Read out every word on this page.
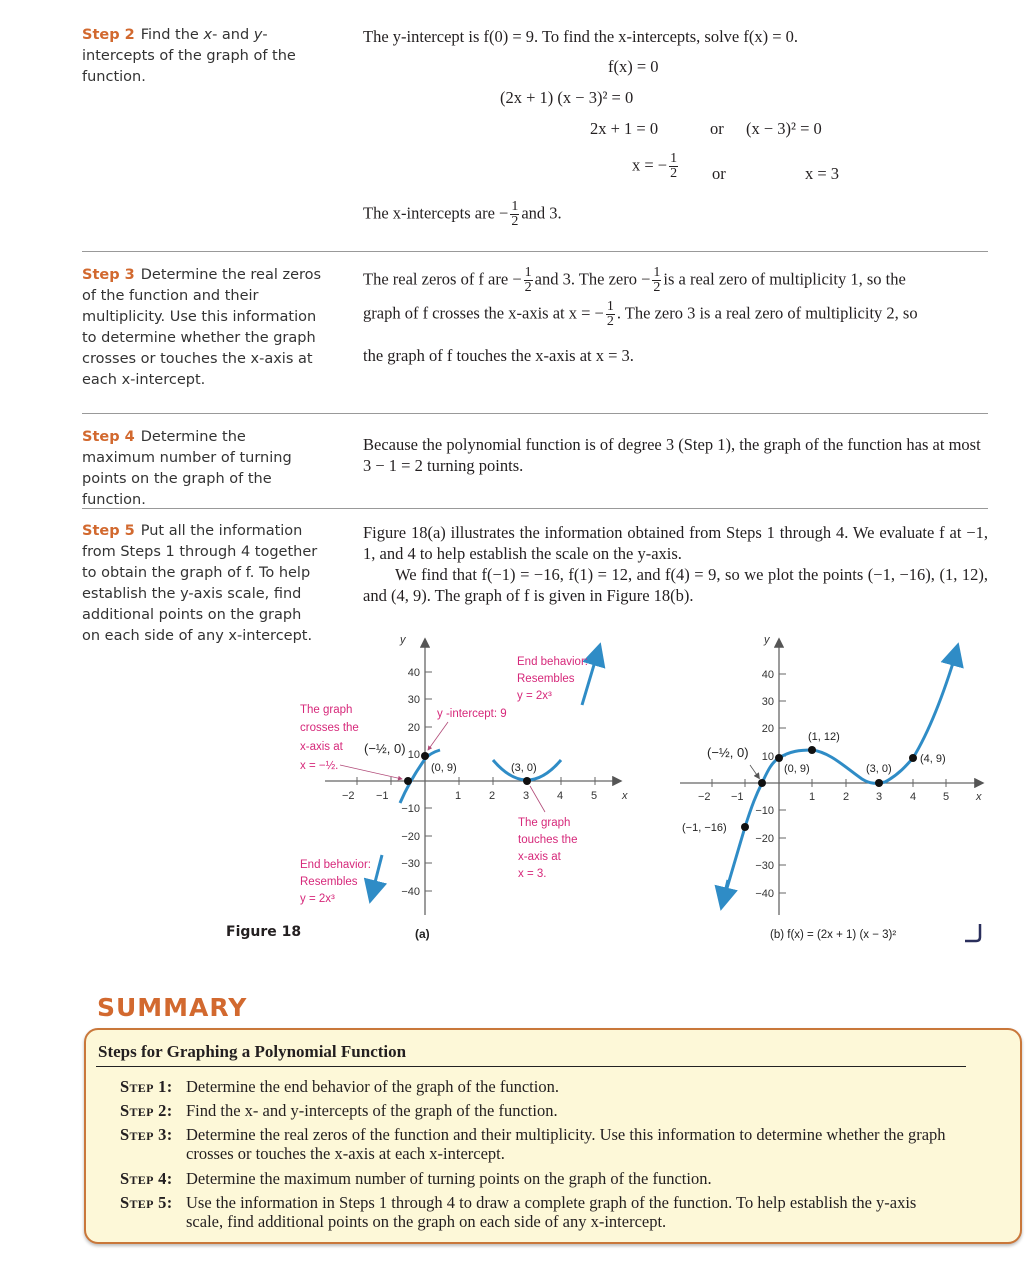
Step 2 Find the x- and y-intercepts of the graph of the function.
The y-intercept is f(0) = 9. To find the x-intercepts, solve f(x) = 0.
f(x) = 0
(2x + 1) (x − 3)² = 0
2x + 1 = 0	or (x − 3)² = 0
x = − $\frac{1}{2}$ or	x = 3
The x-intercepts are − $\frac{1}{2}$ and 3.
Step 3 Determine the real zeros of the function and their multiplicity. Use this information to determine whether the graph crosses or touches the x-axis at each x-intercept.
The real zeros of f are − $\frac{1}{2}$ and 3. The zero − $\frac{1}{2}$ is a real zero of multiplicity 1, so the
graph of f crosses the x-axis at x = − $\frac{1}{2}$ . The zero 3 is a real zero of multiplicity 2, so
the graph of f touches the x-axis at x = 3.
Step 4 Determine the maximum number of turning points on the graph of the function.
Because the polynomial function is of degree 3 (Step 1), the graph of the function has at most 3 − 1 = 2 turning points.
Step 5 Put all the information from Steps 1 through 4 together to obtain the graph of f. To help establish the y-axis scale, find additional points on the graph on each side of any x-intercept.
Figure 18(a) illustrates the information obtained from Steps 1 through 4. We evaluate f at −1, 1, and 4 to help establish the scale on the y-axis.
We find that f(−1) = −16, f(1) = 12, and f(4) = 9, so we plot the points (−1, −16), (1, 12), and (4, 9). The graph of f is given in Figure 18(b).
Figure 18
−2 −1	1	2	3	4	5 x
y
10
20
30
40
−10
−20
−30
−40
(−½, 0)
(0, 9)	(3, 0)
The graph
crosses the
x-axis at
x = −½.
y -intercept: 9
End behavior:
Resembles
y = 2x³
The graph
touches the
x-axis at
x = 3.
End behavior:
Resembles
y = 2x³
(a)
−2 −1	1	2 3	4 5 x
y
10
20
30
40
−10
−20
−30
−40
(−½, 0)
(0, 9)
(1, 12)
(3, 0)
(4, 9)
(−1, −16)
(b) f(x) = (2x + 1) (x − 3)²
SUMMARY
Steps for Graphing a Polynomial Function
Step 1: Determine the end behavior of the graph of the function.
Step 2: Find the x- and y-intercepts of the graph of the function.
Step 3: Determine the real zeros of the function and their multiplicity. Use this information to determine whether the graph crosses or touches the x-axis at each x-intercept.
Step 4: Determine the maximum number of turning points on the graph of the function.
Step 5: Use the information in Steps 1 through 4 to draw a complete graph of the function. To help establish the y-axis scale, find additional points on the graph on each side of any x-intercept.
